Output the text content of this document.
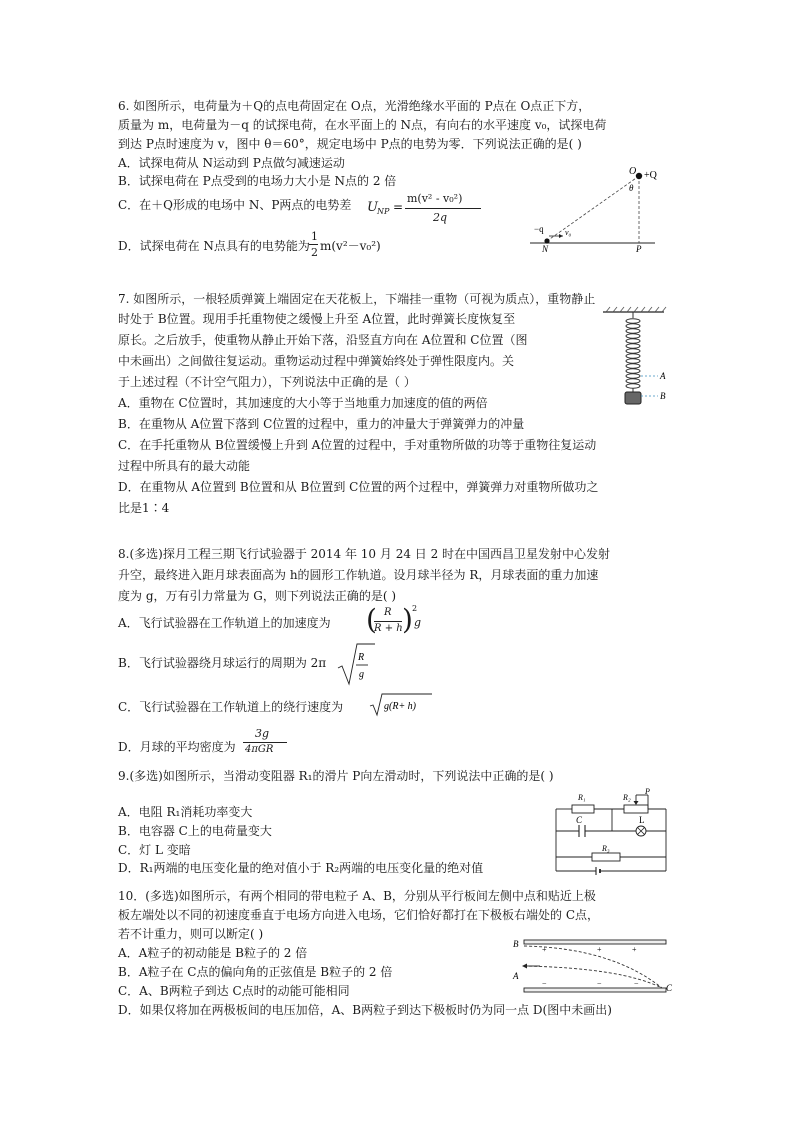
6. 如图所示，电荷量为＋Q的点电荷固定在 O点，光滑绝缘水平面的 P点在 O点正下方，
质量为 m，电荷量为－q 的试探电荷，在水平面上的 N点，有向右的水平速度 v₀，试探电荷
到达 P点时速度为 v，图中 θ＝60°，规定电场中 P点的电势为零．下列说法正确的是( )
A．试探电荷从 N运动到 P点做匀减速运动
B．试探电荷在 P点受到的电场力大小是 N点的 2 倍
C．在＋Q形成的电场中 N、P两点的电势差 U NP =
m(v² - v₀²)
2q
D．试探电荷在 N点具有的电势能为
1
2 m(v²－v₀²)
O +Q
θ
−q	v₀
N	P
7. 如图所示，一根轻质弹簧上端固定在天花板上，下端挂一重物（可视为质点），重物静止
时处于 B位置。现用手托重物使之缓慢上升至 A位置，此时弹簧长度恢复至
原长。之后放手，使重物从静止开始下落，沿竖直方向在 A位置和 C位置（图
中未画出）之间做往复运动。重物运动过程中弹簧始终处于弹性限度内。关
于上述过程（不计空气阻力），下列说法中正确的是（ ）
A．重物在 C位置时，其加速度的大小等于当地重力加速度的值的两倍
B．在重物从 A位置下落到 C位置的过程中，重力的冲量大于弹簧弹力的冲量
C．在手托重物从 B位置缓慢上升到 A位置的过程中，手对重物所做的功等于重物往复运动
过程中所具有的最大动能
D．在重物从 A位置到 B位置和从 B位置到 C位置的两个过程中，弹簧弹力对重物所做功之
比是1∶4
A
B
8.(多选)探月工程三期飞行试验器于 2014 年 10 月 24 日 2 时在中国西昌卫星发射中心发射
升空，最终进入距月球表面高为 h的圆形工作轨道。设月球半径为 R，月球表面的重力加速
度为 g，万有引力常量为 G，则下列说法正确的是( )
A．飞行试验器在工作轨道上的加速度为 ( R
R + h ) 2
g
B．飞行试验器绕月球运行的周期为 2π	R
g
C．飞行试验器在工作轨道上的绕行速度为	g(R+ h)
D．月球的平均密度为
3g
4πGR
9.(多选)如图所示，当滑动变阻器 R₁的滑片 P向左滑动时，下列说法中正确的是( )
A．电阻 R₁消耗功率变大
B．电容器 C上的电荷量变大
C．灯 L 变暗
D．R₁两端的电压变化量的绝对值小于 R₂两端的电压变化量的绝对值
R₁	R₂
P
C	L
R₃
10．(多选)如图所示，有两个相同的带电粒子 A、B，分别从平行板间左侧中点和贴近上极
板左端处以不同的初速度垂直于电场方向进入电场，它们恰好都打在下极板右端处的 C点，
若不计重力，则可以断定( )
A．A粒子的初动能是 B粒子的 2 倍
B．A粒子在 C点的偏向角的正弦值是 B粒子的 2 倍
C．A、B两粒子到达 C点时的动能可能相同
D．如果仅将加在两极板间的电压加倍，A、B两粒子到达下极板时仍为同一点 D(图中未画出)
B
A
C
+	+	+
−	−	−
